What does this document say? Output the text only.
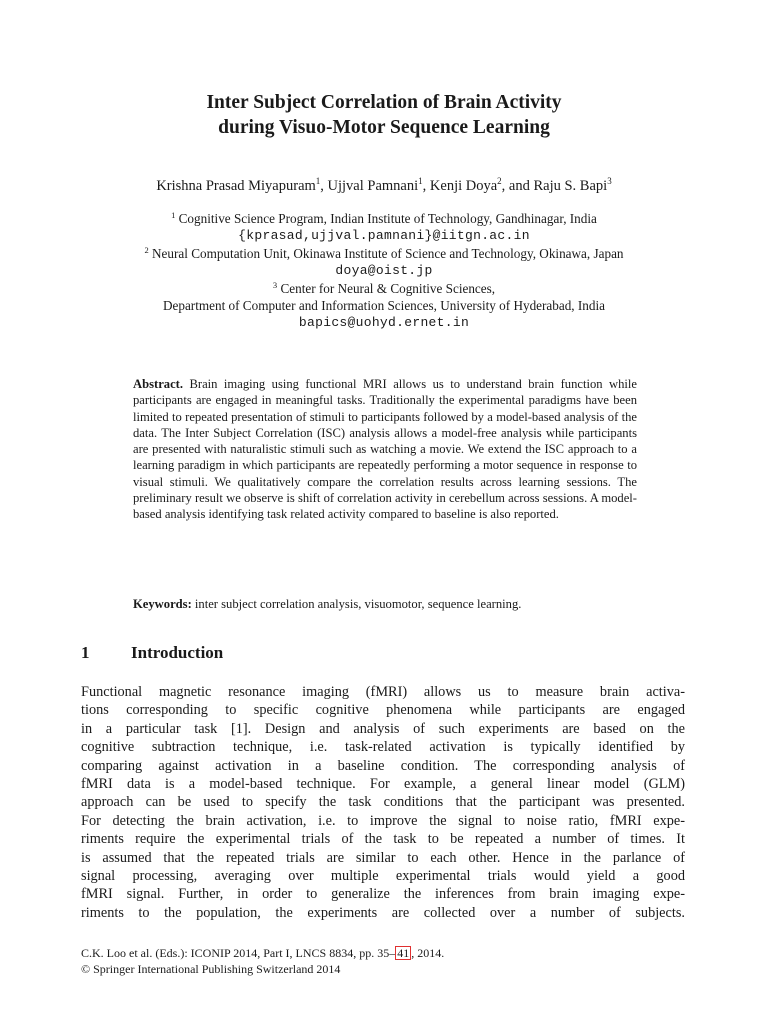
Inter Subject Correlation of Brain Activity
during Visuo-Motor Sequence Learning
Krishna Prasad Miyapuram$^1$, Ujjval Pamnani$^1$, Kenji Doya$^2$, and Raju S. Bapi$^3$
$^1$ Cognitive Science Program, Indian Institute of Technology, Gandhinagar, India
{kprasad,ujjval.pamnani}@iitgn.ac.in
$^2$ Neural Computation Unit, Okinawa Institute of Science and Technology, Okinawa, Japan
doya@oist.jp
$^3$ Center for Neural & Cognitive Sciences,
Department of Computer and Information Sciences, University of Hyderabad, India
bapics@uohyd.ernet.in
Abstract. Brain imaging using functional MRI allows us to understand brain function while participants are engaged in meaningful tasks. Traditionally the experimental paradigms have been limited to repeated presentation of stimuli to participants followed by a model-based analysis of the data. The Inter Subject Correlation (ISC) analysis allows a model-free analysis while participants are presented with naturalistic stimuli such as watching a movie. We extend the ISC approach to a learning paradigm in which participants are repeatedly performing a motor sequence in response to visual stimuli. We qualitatively compare the correlation results across learning sessions. The preliminary result we observe is shift of correlation activity in cerebellum across sessions. A model-based analysis identifying task related activity compared to baseline is also reported.
Keywords: inter subject correlation analysis, visuomotor, sequence learning.
1 Introduction
Functional magnetic resonance imaging (fMRI) allows us to measure brain activa-
tions corresponding to specific cognitive phenomena while participants are engaged
in a particular task [1]. Design and analysis of such experiments are based on the
cognitive subtraction technique, i.e. task-related activation is typically identified by
comparing against activation in a baseline condition. The corresponding analysis of
fMRI data is a model-based technique. For example, a general linear model (GLM)
approach can be used to specify the task conditions that the participant was presented.
For detecting the brain activation, i.e. to improve the signal to noise ratio, fMRI expe-
riments require the experimental trials of the task to be repeated a number of times. It
is assumed that the repeated trials are similar to each other. Hence in the parlance of
signal processing, averaging over multiple experimental trials would yield a good
fMRI signal. Further, in order to generalize the inferences from brain imaging expe-
riments to the population, the experiments are collected over a number of subjects.
C.K. Loo et al. (Eds.): ICONIP 2014, Part I, LNCS 8834, pp. 35– 41 , 2014.
© Springer International Publishing Switzerland 2014
